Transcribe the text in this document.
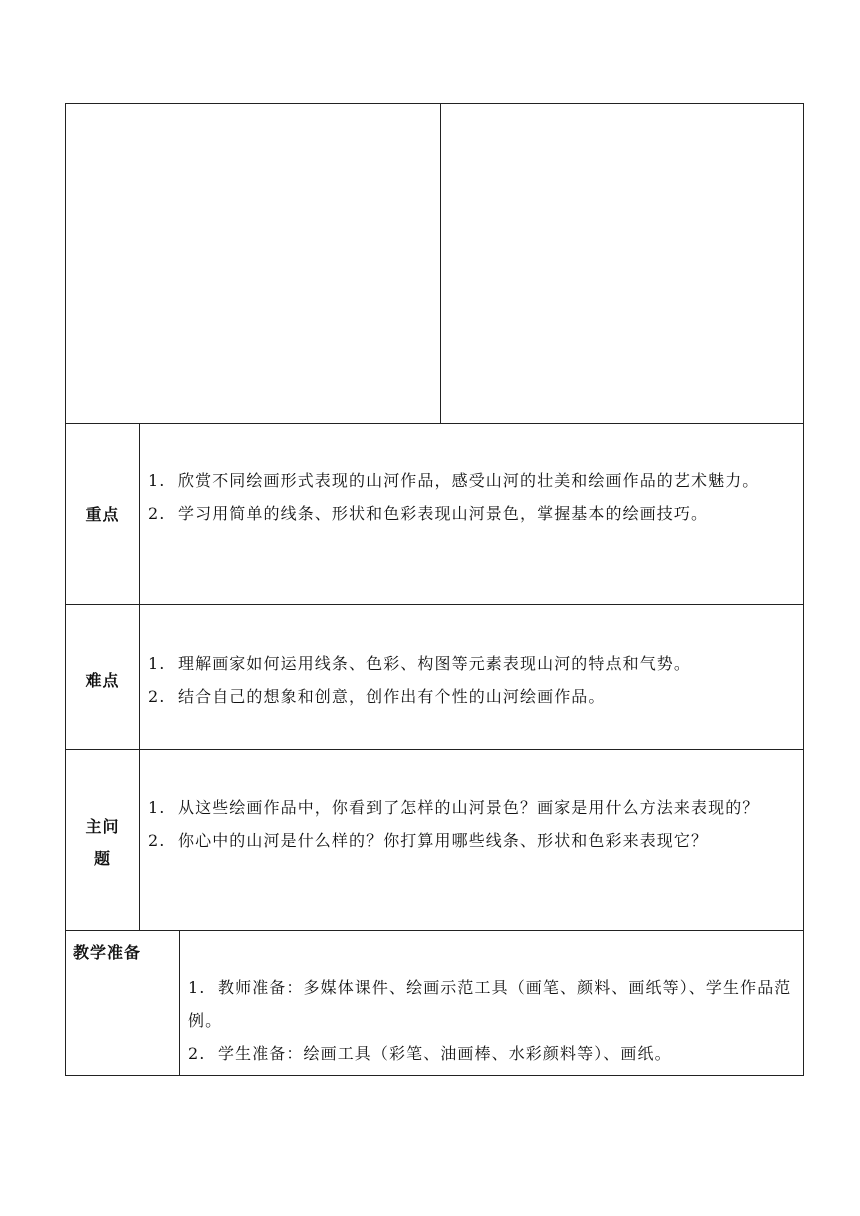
重点
1. 欣赏不同绘画形式表现的山河作品，感受山河的壮美和绘画作品的艺术魅力。
2. 学习用简单的线条、形状和色彩表现山河景色，掌握基本的绘画技巧。
难点
1. 理解画家如何运用线条、色彩、构图等元素表现山河的特点和气势。
2. 结合自己的想象和创意，创作出有个性的山河绘画作品。
主问
题
1. 从这些绘画作品中，你看到了怎样的山河景色？画家是用什么方法来表现的？
2. 你心中的山河是什么样的？你打算用哪些线条、形状和色彩来表现它？
教学准备
1. 教师准备：多媒体课件、绘画示范工具（画笔、颜料、画纸等）、学生作品范例。
2. 学生准备：绘画工具（彩笔、油画棒、水彩颜料等）、画纸。
